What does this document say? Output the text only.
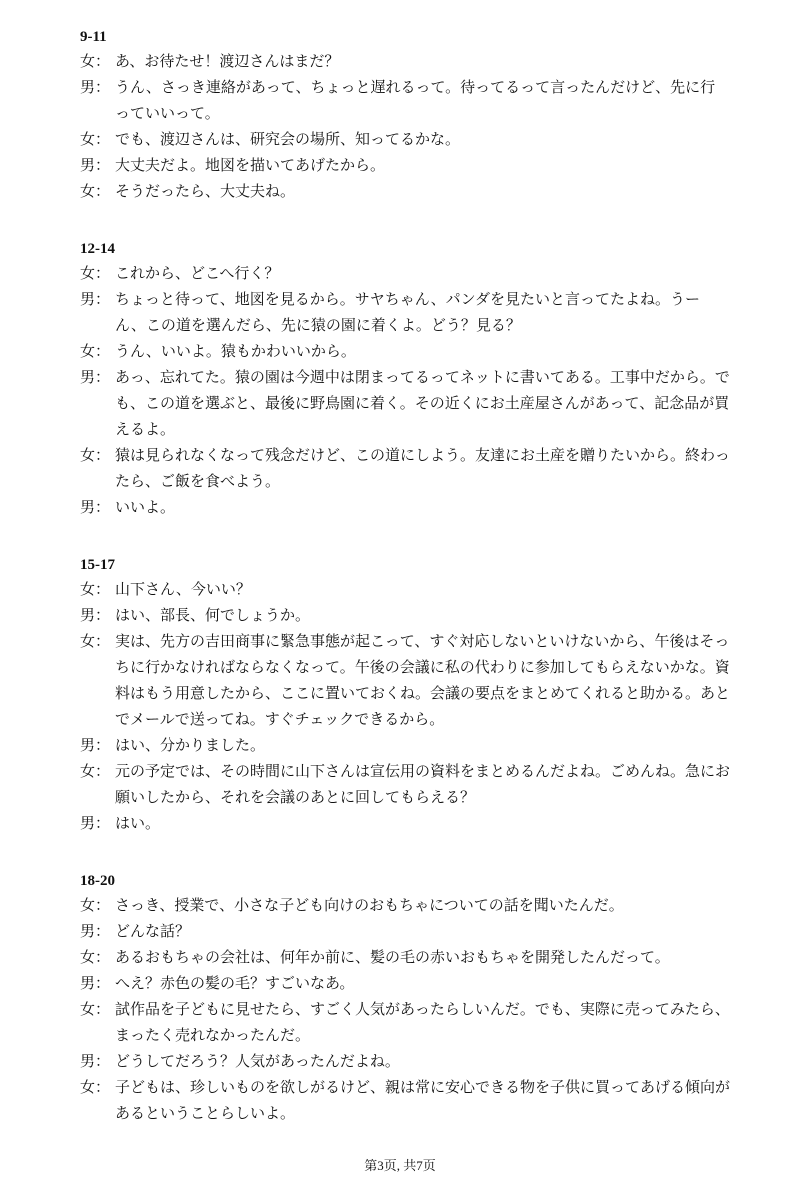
9-11
女： あ、お待たせ！渡辺さんはまだ？
男： うん、さっき連絡があって、ちょっと遅れるって。待ってるって言ったんだけど、先に行っていいって。
女： でも、渡辺さんは、研究会の場所、知ってるかな。
男： 大丈夫だよ。地図を描いてあげたから。
女： そうだったら、大丈夫ね。
12-14
女： これから、どこへ行く？
男： ちょっと待って、地図を見るから。サヤちゃん、パンダを見たいと言ってたよね。うーん、この道を選んだら、先に猿の園に着くよ。どう？見る？
女： うん、いいよ。猿もかわいいから。
男： あっ、忘れてた。猿の園は今週中は閉まってるってネットに書いてある。工事中だから。でも、この道を選ぶと、最後に野鳥園に着く。その近くにお土産屋さんがあって、記念品が買えるよ。
女： 猿は見られなくなって残念だけど、この道にしよう。友達にお土産を贈りたいから。終わったら、ご飯を食べよう。
男： いいよ。
15-17
女： 山下さん、今いい？
男： はい、部長、何でしょうか。
女： 実は、先方の吉田商事に緊急事態が起こって、すぐ対応しないといけないから、午後はそっちに行かなければならなくなって。午後の会議に私の代わりに参加してもらえないかな。資料はもう用意したから、ここに置いておくね。会議の要点をまとめてくれると助かる。あとでメールで送ってね。すぐチェックできるから。
男： はい、分かりました。
女： 元の予定では、その時間に山下さんは宣伝用の資料をまとめるんだよね。ごめんね。急にお願いしたから、それを会議のあとに回してもらえる？
男： はい。
18-20
女： さっき、授業で、小さな子ども向けのおもちゃについての話を聞いたんだ。
男： どんな話？
女： あるおもちゃの会社は、何年か前に、髪の毛の赤いおもちゃを開発したんだって。
男： へえ？赤色の髪の毛？すごいなあ。
女： 試作品を子どもに見せたら、すごく人気があったらしいんだ。でも、実際に売ってみたら、まったく売れなかったんだ。
男： どうしてだろう？人気があったんだよね。
女： 子どもは、珍しいものを欲しがるけど、親は常に安心できる物を子供に買ってあげる傾向があるということらしいよ。
第3页, 共7页
